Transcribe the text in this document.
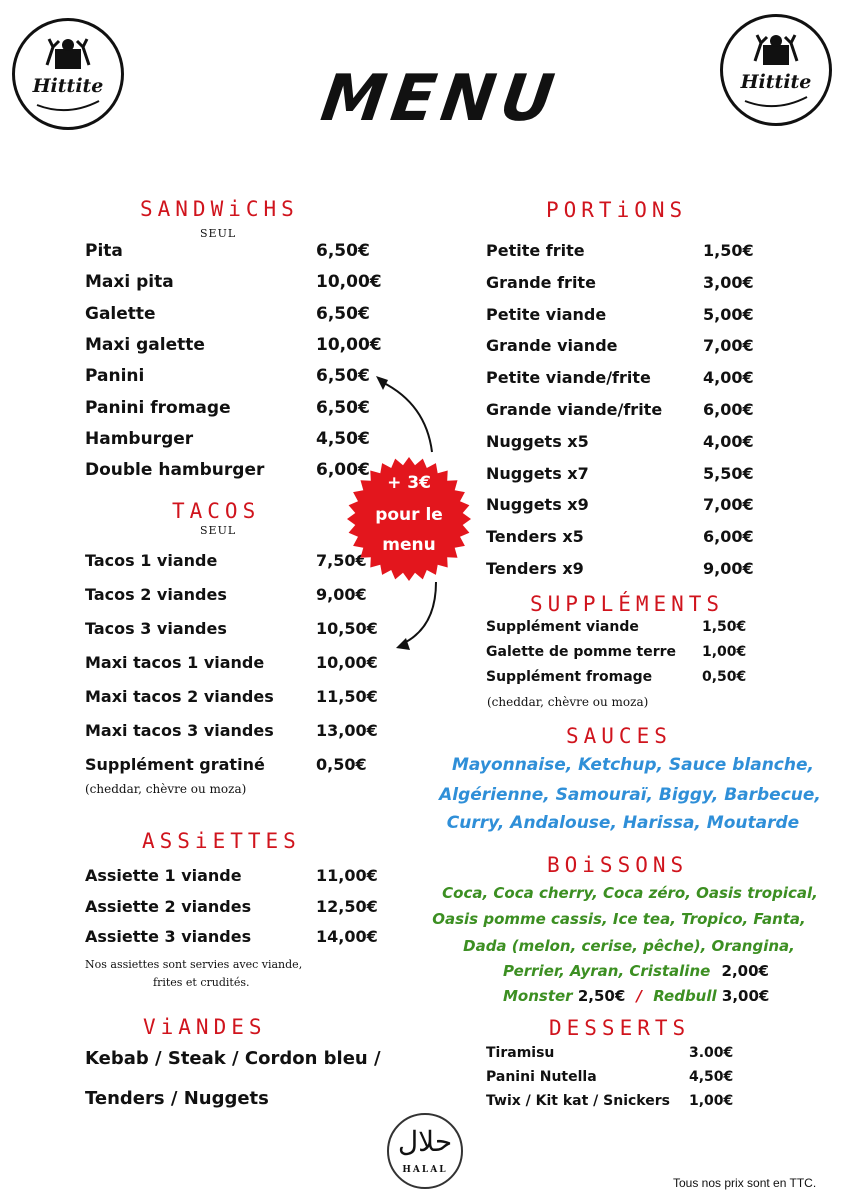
Hittite	Hittite
MENU
SANDWiCHS
SEUL
Pita	6,50€
Maxi pita	10,00€
Galette	6,50€
Maxi galette	10,00€
Panini	6,50€
Panini fromage	6,50€
Hamburger	4,50€
Double hamburger	6,00€
TACOS
SEUL
Tacos 1 viande	7,50€
Tacos 2 viandes	9,00€
Tacos 3 viandes	10,50€
Maxi tacos 1 viande	10,00€
Maxi tacos 2 viandes	11,50€
Maxi tacos 3 viandes	13,00€
Supplément gratiné	0,50€
(cheddar, chèvre ou moza)
ASSiETTES
Assiette 1 viande	11,00€
Assiette 2 viandes	12,50€
Assiette 3 viandes	14,00€
Nos assiettes sont servies avec viande,
frites et crudités.
ViANDES
Kebab / Steak / Cordon bleu /
Tenders / Nuggets
PORTiONS
Petite frite	1,50€
Grande frite	3,00€
Petite viande	5,00€
Grande viande	7,00€
Petite viande/frite	4,00€
Grande viande/frite	6,00€
Nuggets x5	4,00€
Nuggets x7	5,50€
Nuggets x9	7,00€
Tenders x5	6,00€
Tenders x9	9,00€
SUPPLÉMENTS
Supplément viande	1,50€
Galette de pomme terre 1,00€
Supplément fromage	0,50€
(cheddar, chèvre ou moza)
SAUCES
Mayonnaise, Ketchup, Sauce blanche,
Algérienne, Samouraï, Biggy, Barbecue,
Curry, Andalouse, Harissa, Moutarde
BOiSSONS
Coca, Coca cherry, Coca zéro, Oasis tropical,
Oasis pomme cassis, Ice tea, Tropico, Fanta,
Dada (melon, cerise, pêche), Orangina,
Perrier, Ayran, Cristaline 2,00€
Monster 2,50€ / Redbull 3,00€
DESSERTS
Tiramisu	3.00€
Panini Nutella	4,50€
Twix / Kit kat / Snickers 1,00€
+ 3€
pour le
menu
حلال
HALAL
Tous nos prix sont en TTC.
